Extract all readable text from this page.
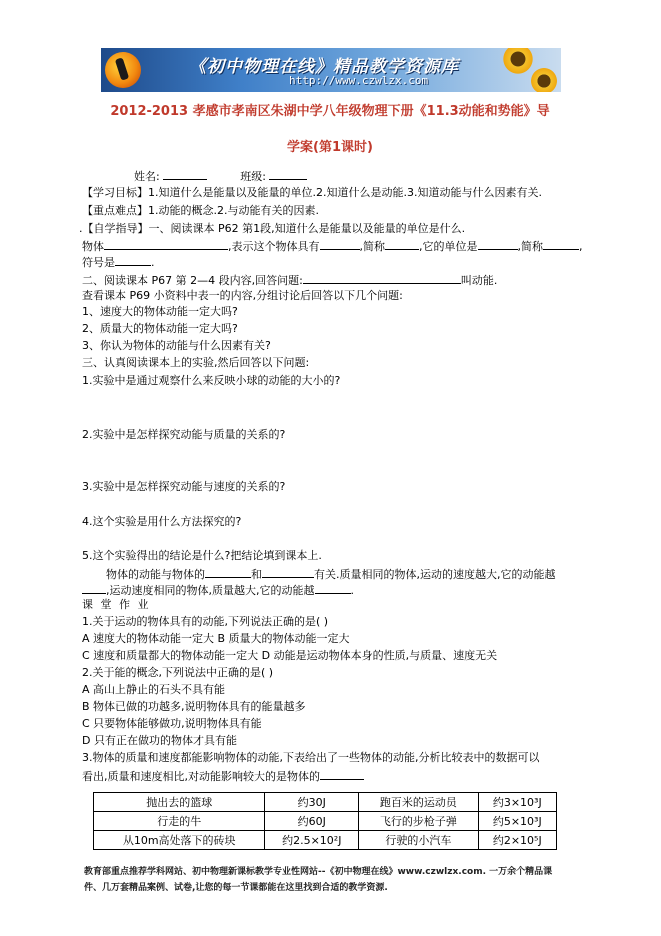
《初中物理在线》精品教学资源库
http://www.czwlzx.com
2012-2013 孝感市孝南区朱湖中学八年级物理下册《11.3动能和势能》导
学案(第1课时)
姓名:	班级:
【学习目标】1.知道什么是能量以及能量的单位.2.知道什么是动能.3.知道动能与什么因素有关.
【重点难点】1.动能的概念.2.与动能有关的因素.
.【自学指导】一、阅读课本 P62 第1段,知道什么是能量以及能量的单位是什么.
物体	,表示这个物体具有	,简称	,它的单位是	,简称	,
符号是	.
二、阅读课本 P67 第 2—4 段内容,回答问题:	叫动能.
查看课本 P69 小资料中表一的内容,分组讨论后回答以下几个问题:
1、速度大的物体动能一定大吗?
2、质量大的物体动能一定大吗?
3、你认为物体的动能与什么因素有关?
三、认真阅读课本上的实验,然后回答以下问题:
1.实验中是通过观察什么来反映小球的动能的大小的?
2.实验中是怎样探究动能与质量的关系的?
3.实验中是怎样探究动能与速度的关系的?
4.这个实验是用什么方法探究的?
5.这个实验得出的结论是什么?把结论填到课本上.
物体的动能与物体的	和	有关.质量相同的物体,运动的速度越大,它的动能越
,运动速度相同的物体,质量越大,它的动能越	.
课 堂 作 业
1.关于运动的物体具有的动能,下列说法正确的是( )
A 速度大的物体动能一定大 B 质量大的物体动能一定大
C 速度和质量都大的物体动能一定大 D 动能是运动物体本身的性质,与质量、速度无关
2.关于能的概念,下列说法中正确的是( )
A 高山上静止的石头不具有能
B 物体已做的功越多,说明物体具有的能量越多
C 只要物体能够做功,说明物体具有能
D 只有正在做功的物体才具有能
3.物体的质量和速度都能影响物体的动能,下表给出了一些物体的动能,分析比较表中的数据可以
看出,质量和速度相比,对动能影响较大的是物体的
抛出去的篮球	约30J	跑百米的运动员	约3×10³J
行走的牛	约60J	飞行的步枪子弹	约5×10³J
从10m高处落下的砖块	约2.5×10²J	行驶的小汽车	约2×10⁵J
教育部重点推荐学科网站、初中物理新课标教学专业性网站--《初中物理在线》www.czwlzx.com. 一万余个精品课
件、几万套精品案例、试卷,让您的每一节课都能在这里找到合适的教学资源.
